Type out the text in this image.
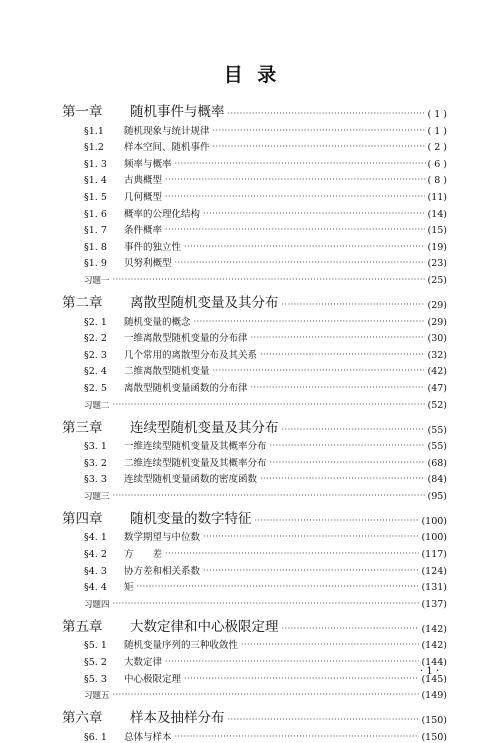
目 录
第一章	随机事件与概率 ·····	( 1 )
§1.1	随机现象与统计规律 ·····	( 1 )
§1.2	样本空间、随机事件 ·····	( 2 )
§1. 3	频率与概率 ·····	( 6 )
§1. 4	古典概型 ·····	( 8 )
§1. 5	几何概型 ·····	(11)
§1. 6	概率的公理化结构 ·····	(14)
§1. 7	条件概率 ·····	(15)
§1. 8	事件的独立性 ·····	(19)
§1. 9	贝努利概型 ·····	(23)
习题一 ·····	(25)
第二章	离散型随机变量及其分布 ·····	(29)
§2. 1	随机变量的概念 ·····	(29)
§2. 2	一维离散型随机变量的分布律 ·····	(30)
§2. 3	几个常用的离散型分布及其关系 ·····	(32)
§2. 4	二维离散型随机变量 ·····	(42)
§2. 5	离散型随机变量函数的分布律 ·····	(47)
习题二 ·····	(52)
第三章	连续型随机变量及其分布 ·····	(55)
§3. 1	一维连续型随机变量及其概率分布 ·····	(55)
§3. 2	二维连续型随机变量及其概率分布 ·····	(68)
§3. 3	连续型随机变量函数的密度函数 ·····	(84)
习题三 ·····	(95)
第四章	随机变量的数字特征 ·····	(100)
§4. 1	数学期望与中位数 ·····	(100)
§4. 2	方　　差 ·····	(117)
§4. 3	协方差和相关系数 ·····	(124)
§4. 4	矩 ·····	(131)
习题四 ·····	(137)
第五章	大数定律和中心极限定理 ·····	(142)
§5. 1	随机变量序列的三种收敛性 ·····	(142)
§5. 2	大数定律 ·····	(144)
§5. 3	中心极限定理 ·····	(145)
习题五 ·····	(149)
第六章	样本及抽样分布 ·····	(150)
§6. 1	总体与样本 ·····	(150)
· 1 ·
